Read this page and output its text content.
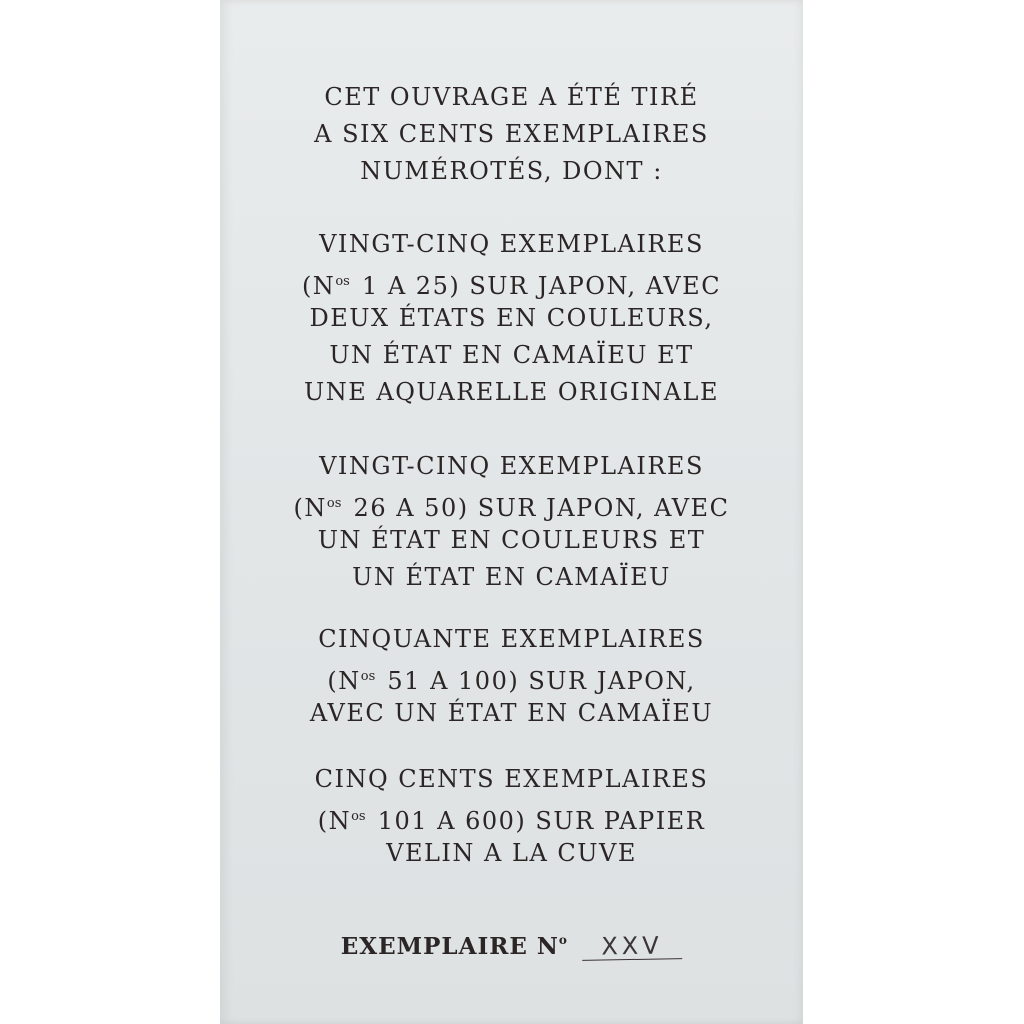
CET OUVRAGE A ÉTÉ TIRÉ
A SIX CENTS EXEMPLAIRES
NUMÉROTÉS, DONT :
VINGT-CINQ EXEMPLAIRES
($N^{os}$ 1 A 25) SUR JAPON, AVEC
DEUX ÉTATS EN COULEURS,
UN ÉTAT EN CAMAÏEU ET
UNE AQUARELLE ORIGINALE
VINGT-CINQ EXEMPLAIRES
($N^{os}$ 26 A 50) SUR JAPON, AVEC
UN ÉTAT EN COULEURS ET
UN ÉTAT EN CAMAÏEU
CINQUANTE EXEMPLAIRES
($N^{os}$ 51 A 100) SUR JAPON,
AVEC UN ÉTAT EN CAMAÏEU
CINQ CENTS EXEMPLAIRES
($N^{os}$ 101 A 600) SUR PAPIER
VELIN A LA CUVE
EXEMPLAIRE $N^o$ XXV
